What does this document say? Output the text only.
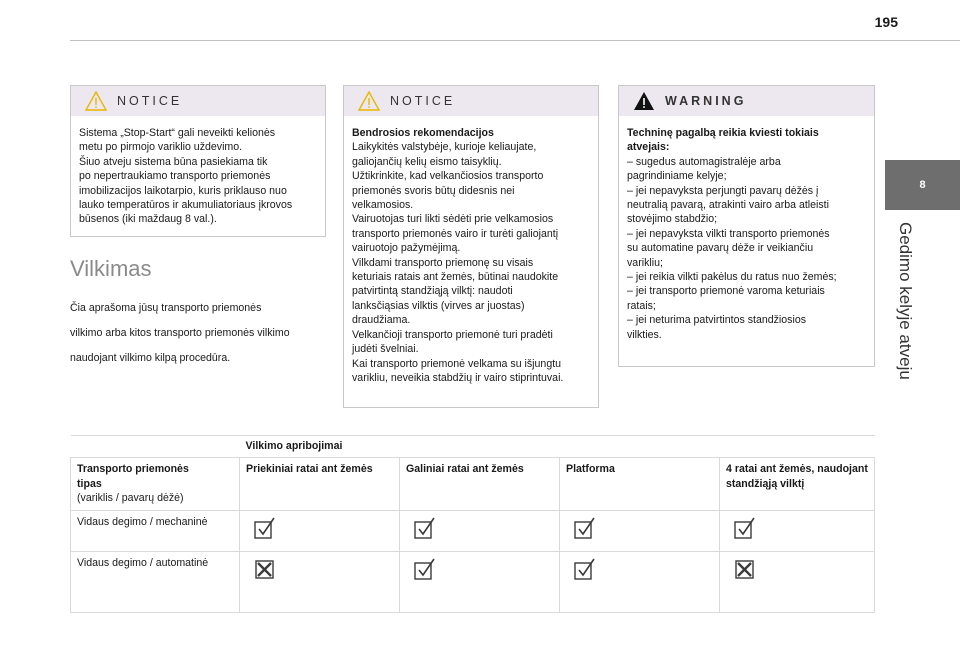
195
8
Gedimo kelyje atveju
NOTICE

Sistema „Stop-Start“ gali neveikti kelionės

metu po pirmojo variklio uždevimo.

Šiuo atveju sistema būna pasiekiama tik

po nepertraukiamo transporto priemonės

imobilizacijos laikotarpio, kuris priklauso nuo

lauko temperatūros ir akumuliatoriaus įkrovos

būsenos (iki maždaug 8 val.).

Vilkimas

Čia aprašoma jūsų transporto priemonės

vilkimo arba kitos transporto priemonės vilkimo

naudojant vilkimo kilpą procedūra.

NOTICE

Bendrosios rekomendacijos

Laikykitės valstybėje, kurioje keliaujate,

galiojančių kelių eismo taisyklių.

Užtikrinkite, kad velkančiosios transporto

priemonės svoris būtų didesnis nei

velkamosios.

Vairuotojas turi likti sėdėti prie velkamosios

transporto priemonės vairo ir turėti galiojantį

vairuotojo pažymėjimą.

Vilkdami transporto priemonę su visais

keturiais ratais ant žemės, būtinai naudokite

patvirtintą standžiąją vilktį: naudoti

lanksčiąsias vilktis (virves ar juostas)

draudžiama.

Velkančioji transporto priemonė turi pradėti

judėti švelniai.

Kai transporto priemonė velkama su išjungtu

varikliu, neveikia stabdžių ir vairo stiprintuvai.

WARNING

Techninę pagalbą reikia kviesti tokiais

atvejais:

– sugedus automagistralėje arba

pagrindiniame kelyje;

– jei nepavyksta perjungti pavarų dėžės į

neutralią pavarą, atrakinti vairo arba atleisti

stovėjimo stabdžio;

– jei nepavyksta vilkti transporto priemonės

su automatine pavarų dėže ir veikiančiu

varikliu;

– jei reikia vilkti pakėlus du ratus nuo žemės;

– jei transporto priemonė varoma keturiais

ratais;

– jei neturima patvirtintos standžiosios

vilkties.

	Vilkimo apribojimai			

Transporto priemonės
tipas
(variklis / pavarų dėžė)	Priekiniai ratai ant žemės	Galiniai ratai ant žemės	Platforma	4 ratai ant žemės, naudojant standžiąją vilktį
Vidaus degimo / mechaninė	

Vidaus degimo / automatinė	
